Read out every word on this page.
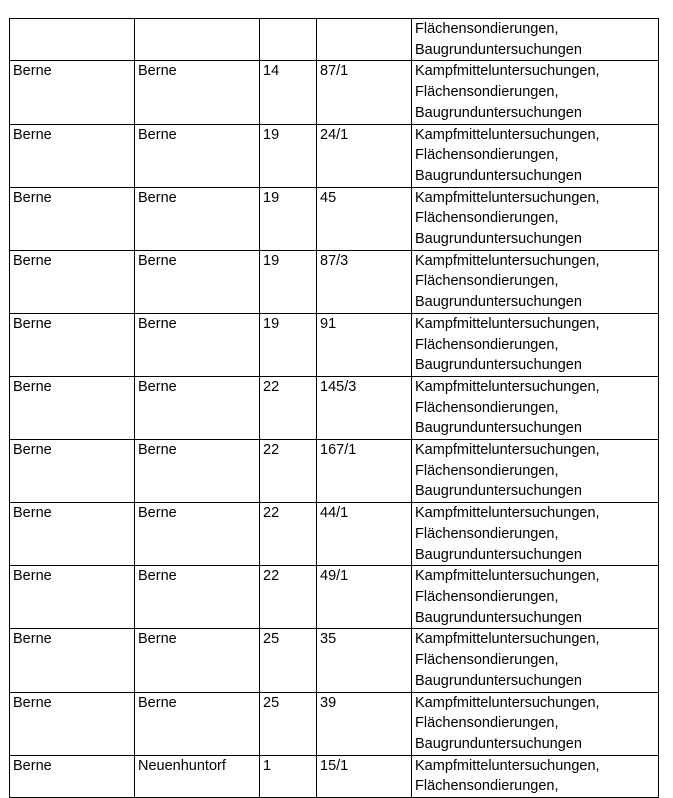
				Flächensondierungen,
Baugrunduntersuchungen

Berne	Berne	14	87/1	Kampfmitteluntersuchungen,
Flächensondierungen,
Baugrunduntersuchungen

Berne	Berne	19	24/1	Kampfmitteluntersuchungen,
Flächensondierungen,
Baugrunduntersuchungen

Berne	Berne	19	45	Kampfmitteluntersuchungen,
Flächensondierungen,
Baugrunduntersuchungen

Berne	Berne	19	87/3	Kampfmitteluntersuchungen,
Flächensondierungen,
Baugrunduntersuchungen

Berne	Berne	19	91	Kampfmitteluntersuchungen,
Flächensondierungen,
Baugrunduntersuchungen

Berne	Berne	22	145/3	Kampfmitteluntersuchungen,
Flächensondierungen,
Baugrunduntersuchungen

Berne	Berne	22	167/1	Kampfmitteluntersuchungen,
Flächensondierungen,
Baugrunduntersuchungen

Berne	Berne	22	44/1	Kampfmitteluntersuchungen,
Flächensondierungen,
Baugrunduntersuchungen

Berne	Berne	22	49/1	Kampfmitteluntersuchungen,
Flächensondierungen,
Baugrunduntersuchungen

Berne	Berne	25	35	Kampfmitteluntersuchungen,
Flächensondierungen,
Baugrunduntersuchungen

Berne	Berne	25	39	Kampfmitteluntersuchungen,
Flächensondierungen,
Baugrunduntersuchungen

Berne	Neuenhuntorf	1	15/1	Kampfmitteluntersuchungen,
Flächensondierungen,
